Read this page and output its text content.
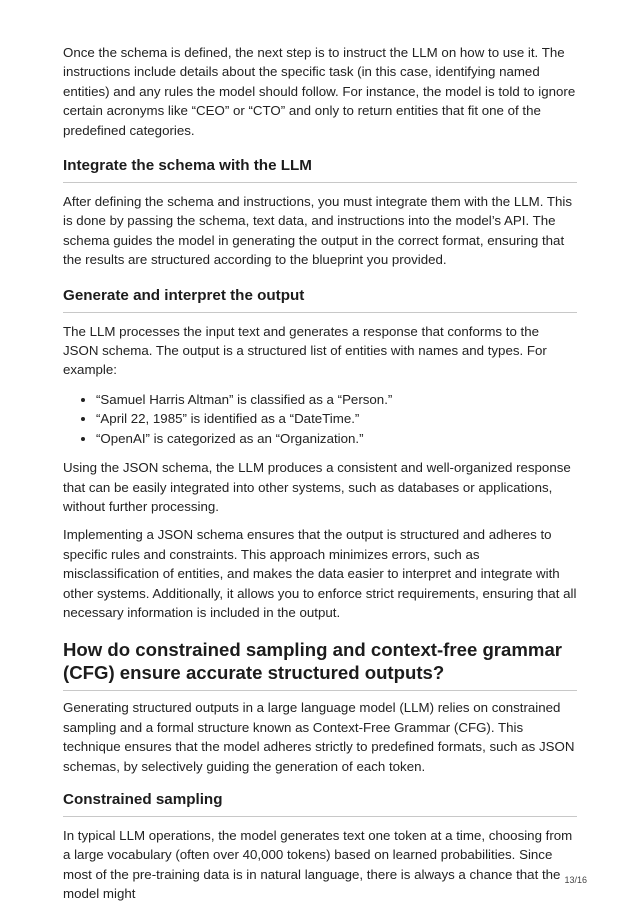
Once the schema is defined, the next step is to instruct the LLM on how to use it. The instructions include details about the specific task (in this case, identifying named entities) and any rules the model should follow. For instance, the model is told to ignore certain acronyms like “CEO” or “CTO” and only to return entities that fit one of the predefined categories.

Integrate the schema with the LLM

After defining the schema and instructions, you must integrate them with the LLM. This is done by passing the schema, text data, and instructions into the model’s API. The schema guides the model in generating the output in the correct format, ensuring that the results are structured according to the blueprint you provided.

Generate and interpret the output

The LLM processes the input text and generates a response that conforms to the JSON schema. The output is a structured list of entities with names and types. For example:

• “Samuel Harris Altman” is classified as a “Person.”
• “April 22, 1985” is identified as a “DateTime.”
• “OpenAI” is categorized as an “Organization.”

Using the JSON schema, the LLM produces a consistent and well-organized response that can be easily integrated into other systems, such as databases or applications, without further processing.

Implementing a JSON schema ensures that the output is structured and adheres to specific rules and constraints. This approach minimizes errors, such as misclassification of entities, and makes the data easier to interpret and integrate with other systems. Additionally, it allows you to enforce strict requirements, ensuring that all necessary information is included in the output.

How do constrained sampling and context-free grammar (CFG) ensure accurate structured outputs?

Generating structured outputs in a large language model (LLM) relies on constrained sampling and a formal structure known as Context-Free Grammar (CFG). This technique ensures that the model adheres strictly to predefined formats, such as JSON schemas, by selectively guiding the generation of each token.

Constrained sampling

In typical LLM operations, the model generates text one token at a time, choosing from a large vocabulary (often over 40,000 tokens) based on learned probabilities. Since most of the pre-training data is in natural language, there is always a chance that the model might

13/16
